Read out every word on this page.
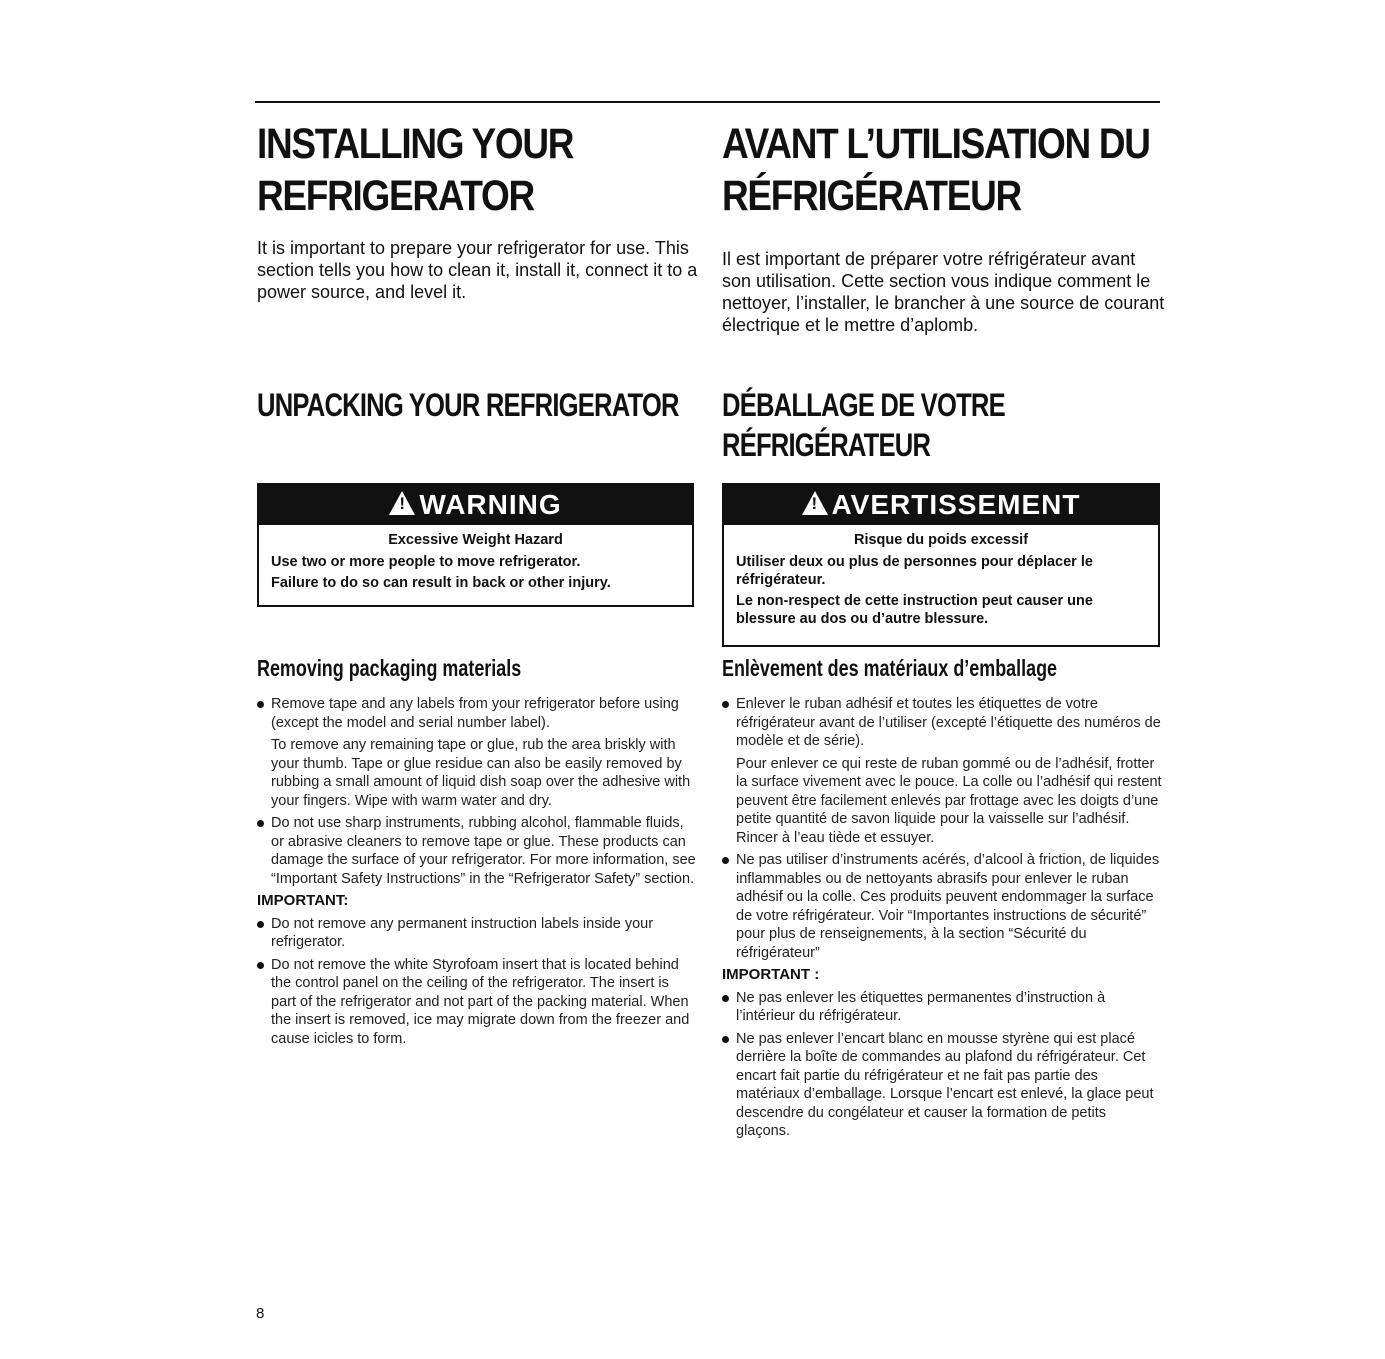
INSTALLING YOUR
REFRIGERATOR

It is important to prepare your refrigerator for use. This section tells you how to clean it, install it, connect it to a power source, and level it.

UNPACKING YOUR REFRIGERATOR
!WARNING
Excessive Weight Hazard
Use two or more people to move refrigerator.
Failure to do so can result in back or other injury.
Removing packaging materials

Remove tape and any labels from your refrigerator before using (except the model and serial number label).

To remove any remaining tape or glue, rub the area briskly with your thumb. Tape or glue residue can also be easily removed by rubbing a small amount of liquid dish soap over the adhesive with your fingers. Wipe with warm water and dry.

Do not use sharp instruments, rubbing alcohol, flammable fluids, or abrasive cleaners to remove tape or glue. These products can damage the surface of your refrigerator. For more information, see “Important Safety Instructions” in the “Refrigerator Safety” section.

IMPORTANT:

Do not remove any permanent instruction labels inside your refrigerator.

Do not remove the white Styrofoam insert that is located behind the control panel on the ceiling of the refrigerator. The insert is part of the refrigerator and not part of the packing material. When the insert is removed, ice may migrate down from the freezer and cause icicles to form.

AVANT L’UTILISATION DU
RÉFRIGÉRATEUR

Il est important de préparer votre réfrigérateur avant son utilisation. Cette section vous indique comment le nettoyer, l’installer, le brancher à une source de courant électrique et le mettre d’aplomb.

DÉBALLAGE DE VOTRE
RÉFRIGÉRATEUR
!AVERTISSEMENT
Risque du poids excessif
Utiliser deux ou plus de personnes pour déplacer le réfrigérateur.
Le non-respect de cette instruction peut causer une blessure au dos ou d’autre blessure.
Enlèvement des matériaux d’emballage

Enlever le ruban adhésif et toutes les étiquettes de votre réfrigérateur avant de l’utiliser (excepté l’étiquette des numéros de modèle et de série).

Pour enlever ce qui reste de ruban gommé ou de l’adhésif, frotter la surface vivement avec le pouce. La colle ou l’adhésif qui restent peuvent être facilement enlevés par frottage avec les doigts d’une petite quantité de savon liquide pour la vaisselle sur l’adhésif. Rincer à l’eau tiède et essuyer.

Ne pas utiliser d’instruments acérés, d’alcool à friction, de liquides inflammables ou de nettoyants abrasifs pour enlever le ruban adhésif ou la colle. Ces produits peuvent endommager la surface de votre réfrigérateur. Voir “Importantes instructions de sécurité” pour plus de renseignements, à la section “Sécurité du réfrigérateur”

IMPORTANT :

Ne pas enlever les étiquettes permanentes d’instruction à l’intérieur du réfrigérateur.

Ne pas enlever l’encart blanc en mousse styrène qui est placé derrière la boîte de commandes au plafond du réfrigérateur. Cet encart fait partie du réfrigérateur et ne fait pas partie des matériaux d’emballage. Lorsque l’encart est enlevé, la glace peut descendre du congélateur et causer la formation de petits glaçons.

8
